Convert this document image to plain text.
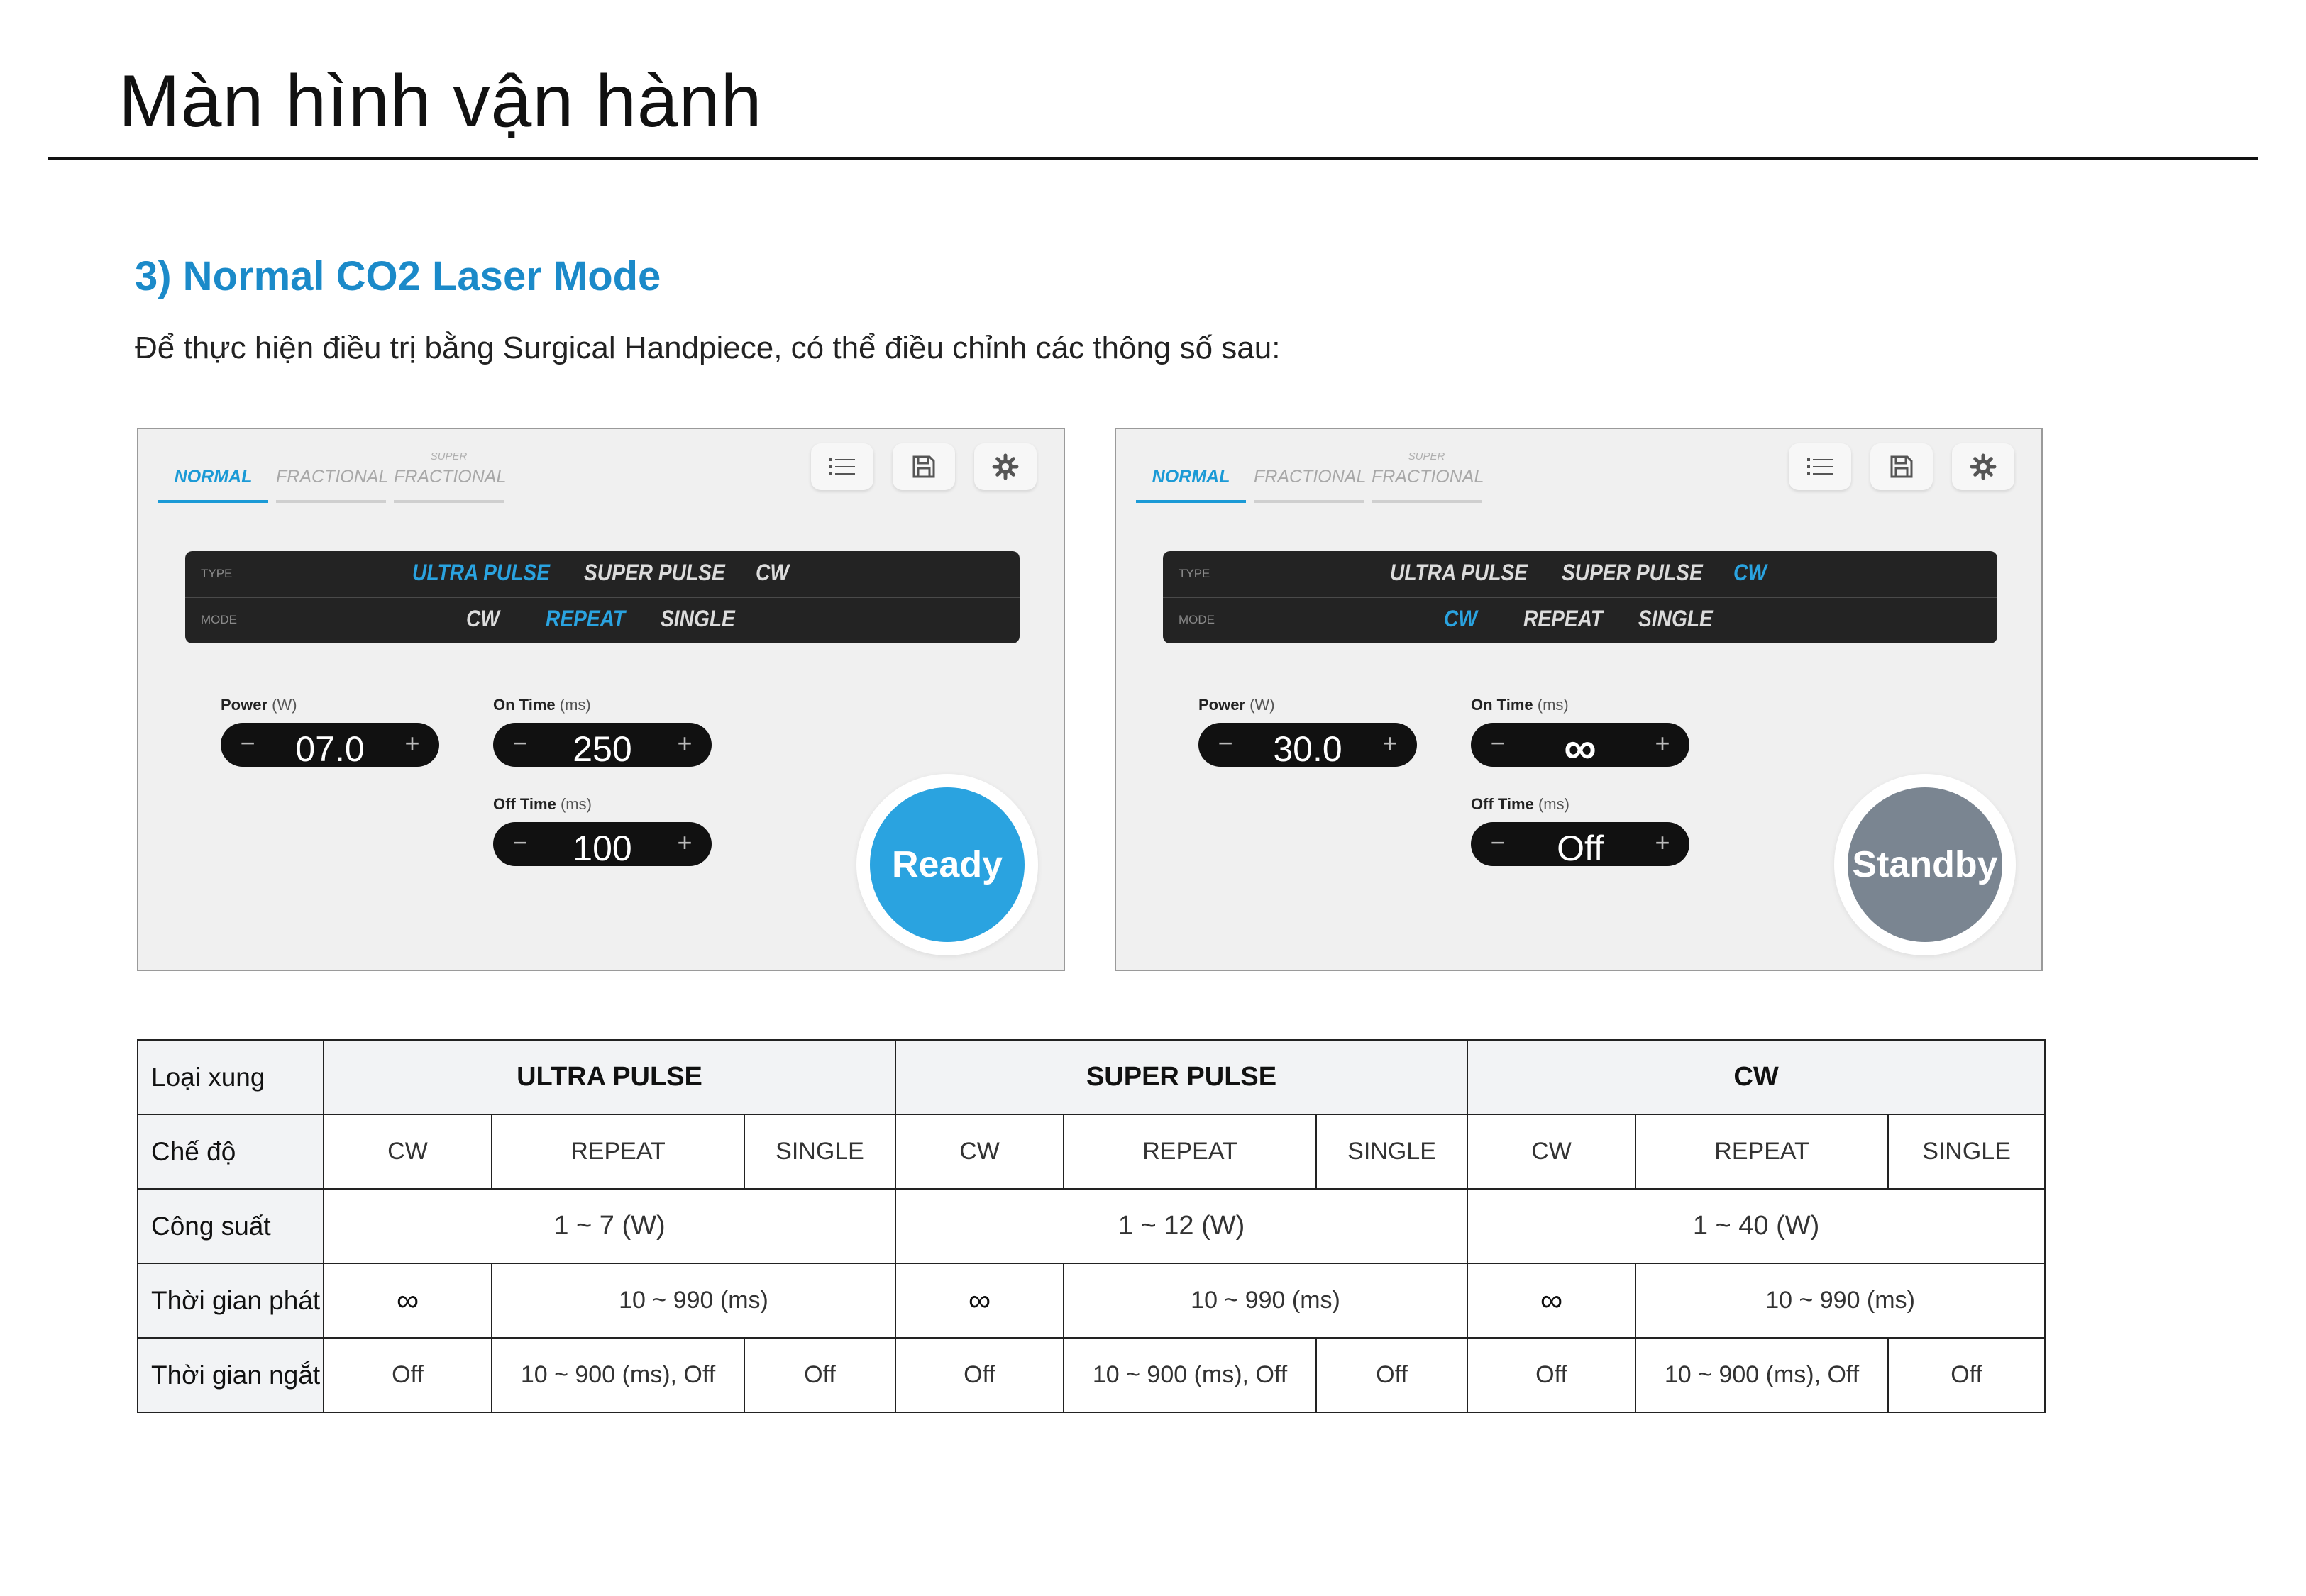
Màn hình vận hành
3) Normal CO2 Laser Mode
Để thực hiện điều trị bằng Surgical Handpiece, có thể điều chỉnh các thông số sau:
NORMAL	FRACTIONAL
SUPER
FRACTIONAL
TYPE	ULTRA PULSE SUPER PULSE CW
MODE	CW REPEAT SINGLE
Power (W)
−	07.0	+
On Time (ms)
−	250	+
Off Time (ms)
−	100	+
Ready
NORMAL	FRACTIONAL
SUPER
FRACTIONAL
TYPE	ULTRA PULSE SUPER PULSE CW
MODE	CW REPEAT SINGLE
Power (W)
−	30.0	+
On Time (ms)
−	∞	+
Off Time (ms)
−	Off	+
Standby
Loại xung	ULTRA PULSE			SUPER PULSE			CW		
Chế độ	CW	REPEAT	SINGLE	CW	REPEAT	SINGLE	CW	REPEAT	SINGLE
Công suất	1 ~ 7 (W)			1 ~ 12 (W)			1 ~ 40 (W)		
Thời gian phát	∞	10 ~ 990 (ms)		∞	10 ~ 990 (ms)		∞	10 ~ 990 (ms)	
Thời gian ngắt	Off	10 ~ 900 (ms), Off	Off	Off	10 ~ 900 (ms), Off	Off	Off	10 ~ 900 (ms), Off	Off
